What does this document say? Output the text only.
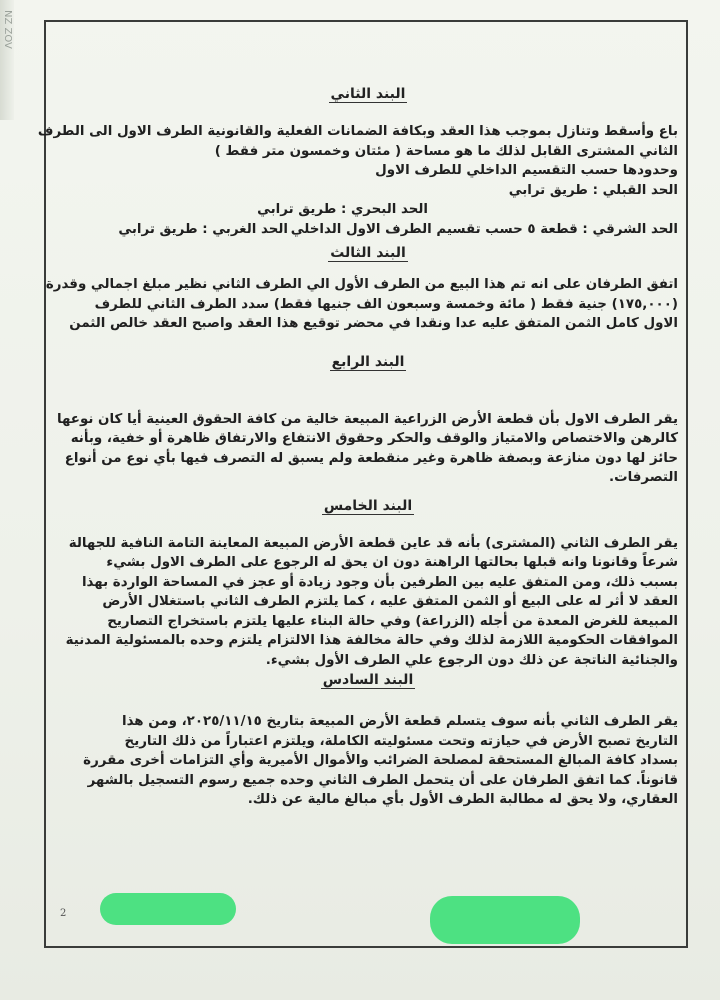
NZ ZOV
البند الثاني
باع وأسقط وتنازل بموجب هذا العقد وبكافة الضمانات الفعلية والقانونية الطرف الاول الى الطرف
الثاني المشترى القابل لذلك ما هو مساحة ( مئتان وخمسون متر فقط )
وحدودها حسب التقسيم الداخلي للطرف الاول
الحد القبلي : طريق ترابي
الحد البحري : طريق ترابي
الحد الشرقي : قطعة ٥ حسب تقسيم الطرف الاول الداخلي
الحد الغربي : طريق ترابي
البند الثالث
اتفق الطرفان على انه تم هذا البيع من الطرف الأول الي الطرف الثاني نظير مبلغ اجمالي وقدرة
(١٧٥,٠٠٠) جنية فقط ( مائة وخمسة وسبعون الف جنيها فقط) سدد الطرف الثاني للطرف
الاول كامل الثمن المتفق عليه عدا ونقدا في محضر توقيع هذا العقد واصبح العقد خالص الثمن
البند الرابع
يقر الطرف الاول بأن قطعة الأرض الزراعية المبيعة خالية من كافة الحقوق العينية أيا كان نوعها
كالرهن والاختصاص والامتياز والوقف والحكر وحقوق الانتفاع والارتفاق ظاهرة أو خفية، وبأنه
حائز لها دون منازعة وبصفة ظاهرة وغير منقطعة ولم يسبق له التصرف فيها بأي نوع من أنواع
التصرفات.
البند الخامس
يقر الطرف الثاني (المشترى) بأنه قد عاين قطعة الأرض المبيعة المعاينة التامة النافية للجهالة
شرعاً وقانونا وانه قبلها بحالتها الراهنة دون ان يحق له الرجوع على الطرف الاول بشيء
بسبب ذلك، ومن المتفق عليه بين الطرفين بأن وجود زيادة أو عجز في المساحة الواردة بهذا
العقد لا أثر له على البيع أو الثمن المتفق عليه ، كما يلتزم الطرف الثاني باستغلال الأرض
المبيعة للغرض المعدة من أجله (الزراعة) وفي حالة البناء عليها يلتزم باستخراج التصاريح
الموافقات الحكومية اللازمة لذلك وفي حالة مخالفة هذا الالتزام يلتزم وحده بالمسئولية المدنية
والجنائية الناتجة عن ذلك دون الرجوع علي الطرف الأول بشيء.
البند السادس
يقر الطرف الثاني بأنه سوف يتسلم قطعة الأرض المبيعة بتاريخ ٢٠٢٥/١١/١٥، ومن هذا
التاريخ تصبح الأرض في حيازته وتحت مسئوليته الكاملة، ويلتزم اعتباراً من ذلك التاريخ
بسداد كافة المبالغ المستحقة لمصلحة الضرائب والأموال الأميرية وأي التزامات أخرى مقررة
قانوناً. كما اتفق الطرفان على أن يتحمل الطرف الثاني وحده جميع رسوم التسجيل بالشهر
العقاري، ولا يحق له مطالبة الطرف الأول بأي مبالغ مالية عن ذلك.
2
